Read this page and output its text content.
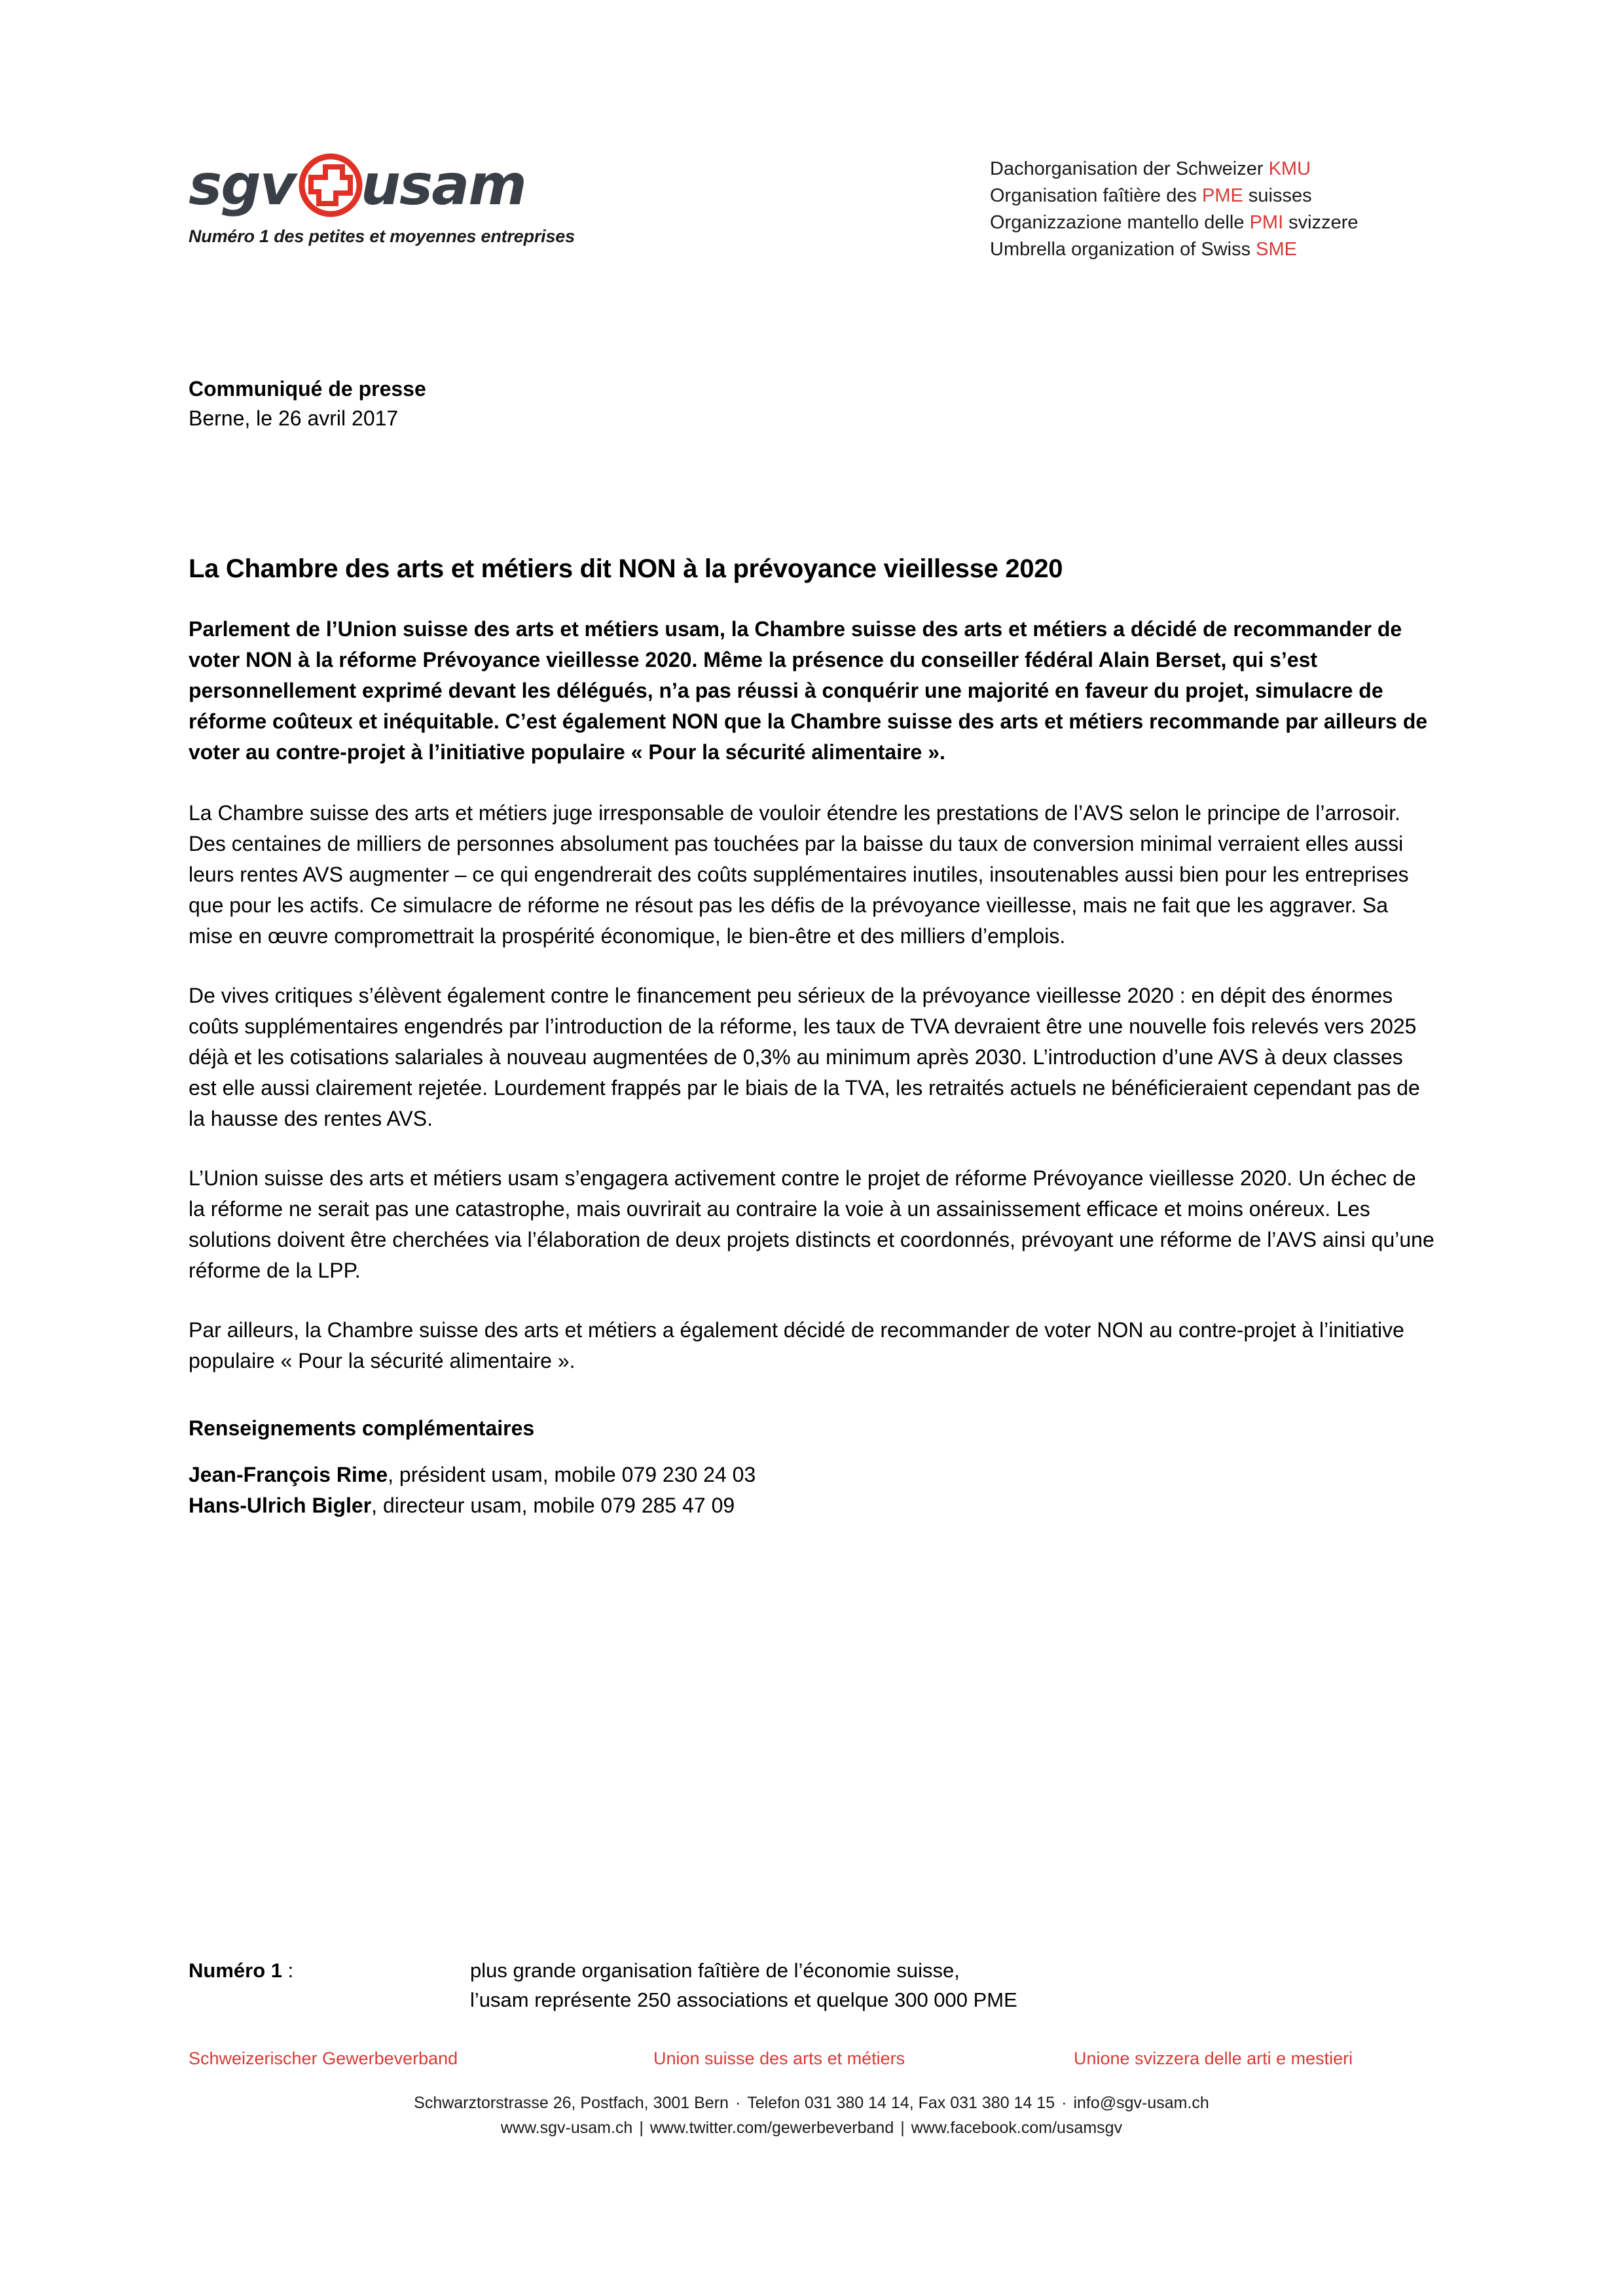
sgv usam
Numéro 1 des petites et moyennes entreprises
Dachorganisation der Schweizer KMU
Organisation faîtière des PME suisses
Organizzazione mantello delle PMI svizzere
Umbrella organization of Swiss SME
Communiqué de presse
Berne, le 26 avril 2017
La Chambre des arts et métiers dit NON à la prévoyance vieillesse 2020

Parlement de l’Union suisse des arts et métiers usam, la Chambre suisse des arts et métiers a décidé de recommander de voter NON à la réforme Prévoyance vieillesse 2020. Même la présence du conseiller fédéral Alain Berset, qui s’est personnellement exprimé devant les délégués, n’a pas réussi à conquérir une majorité en faveur du projet, simulacre de réforme coûteux et inéquitable. C’est également NON que la Chambre suisse des arts et métiers recommande par ailleurs de voter au contre-projet à l’initiative populaire « Pour la sécurité alimentaire ».

La Chambre suisse des arts et métiers juge irresponsable de vouloir étendre les prestations de l’AVS selon le principe de l’arrosoir. Des centaines de milliers de personnes absolument pas touchées par la baisse du taux de conversion minimal verraient elles aussi leurs rentes AVS augmenter – ce qui engendrerait des coûts supplémentaires inutiles, insoutenables aussi bien pour les entreprises que pour les actifs. Ce simulacre de réforme ne résout pas les défis de la prévoyance vieillesse, mais ne fait que les aggraver. Sa mise en œuvre compromettrait la prospérité économique, le bien-être et des milliers d’emplois.

De vives critiques s’élèvent également contre le financement peu sérieux de la prévoyance vieillesse 2020 : en dépit des énormes coûts supplémentaires engendrés par l’introduction de la réforme, les taux de TVA devraient être une nouvelle fois relevés vers 2025 déjà et les cotisations salariales à nouveau augmentées de 0,3% au minimum après 2030. L’introduction d’une AVS à deux classes est elle aussi clairement rejetée. Lourdement frappés par le biais de la TVA, les retraités actuels ne bénéficieraient cependant pas de la hausse des rentes AVS.

L’Union suisse des arts et métiers usam s’engagera activement contre le projet de réforme Prévoyance vieillesse 2020. Un échec de la réforme ne serait pas une catastrophe, mais ouvrirait au contraire la voie à un assainissement efficace et moins onéreux. Les solutions doivent être cherchées via l’élaboration de deux projets distincts et coordonnés, prévoyant une réforme de l’AVS ainsi qu’une réforme de la LPP.

Par ailleurs, la Chambre suisse des arts et métiers a également décidé de recommander de voter NON au contre-projet à l’initiative populaire « Pour la sécurité alimentaire ».

Renseignements complémentaires
Jean-François Rime, président usam, mobile 079 230 24 03
Hans-Ulrich Bigler, directeur usam, mobile 079 285 47 09
Numéro 1 :	plus grande organisation faîtière de l’économie suisse,
l’usam représente 250 associations et quelque 300 000 PME
Schweizerischer Gewerbeverband	Union suisse des arts et métiers	Unione svizzera delle arti e mestieri
Schwarztorstrasse 26, Postfach, 3001 Bern · Telefon 031 380 14 14, Fax 031 380 14 15 · info@sgv-usam.ch
www.sgv-usam.ch | www.twitter.com/gewerbeverband | www.facebook.com/usamsgv
